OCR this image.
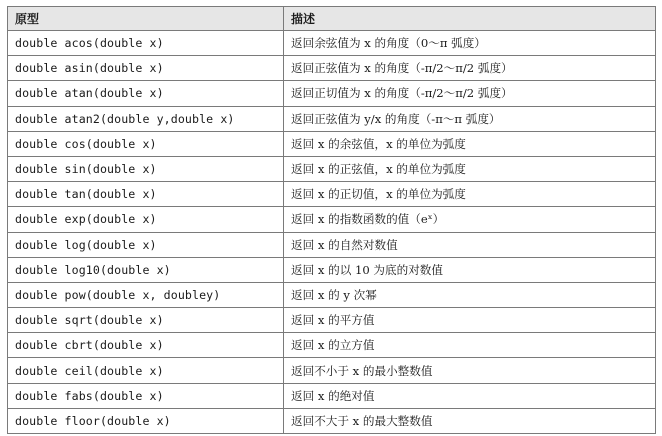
原型	描述
double acos(double x)	返回余弦值为 x 的角度（0～π 弧度）
double asin(double x)	返回正弦值为 x 的角度（-π/2～π/2 弧度）
double atan(double x)	返回正切值为 x 的角度（-π/2～π/2 弧度）
double atan2(double y,double x)	返回正弦值为 y/x 的角度（-π～π 弧度）
double cos(double x)	返回 x 的余弦值，x 的单位为弧度
double sin(double x)	返回 x 的正弦值，x 的单位为弧度
double tan(double x)	返回 x 的正切值，x 的单位为弧度
double exp(double x)	返回 x 的指数函数的值（eˣ）
double log(double x)	返回 x 的自然对数值
double log10(double x)	返回 x 的以 10 为底的对数值
double pow(double x, doubley)	返回 x 的 y 次幂
double sqrt(double x)	返回 x 的平方值
double cbrt(double x)	返回 x 的立方值
double ceil(double x)	返回不小于 x 的最小整数值
double fabs(double x)	返回 x 的绝对值
double floor(double x)	返回不大于 x 的最大整数值
